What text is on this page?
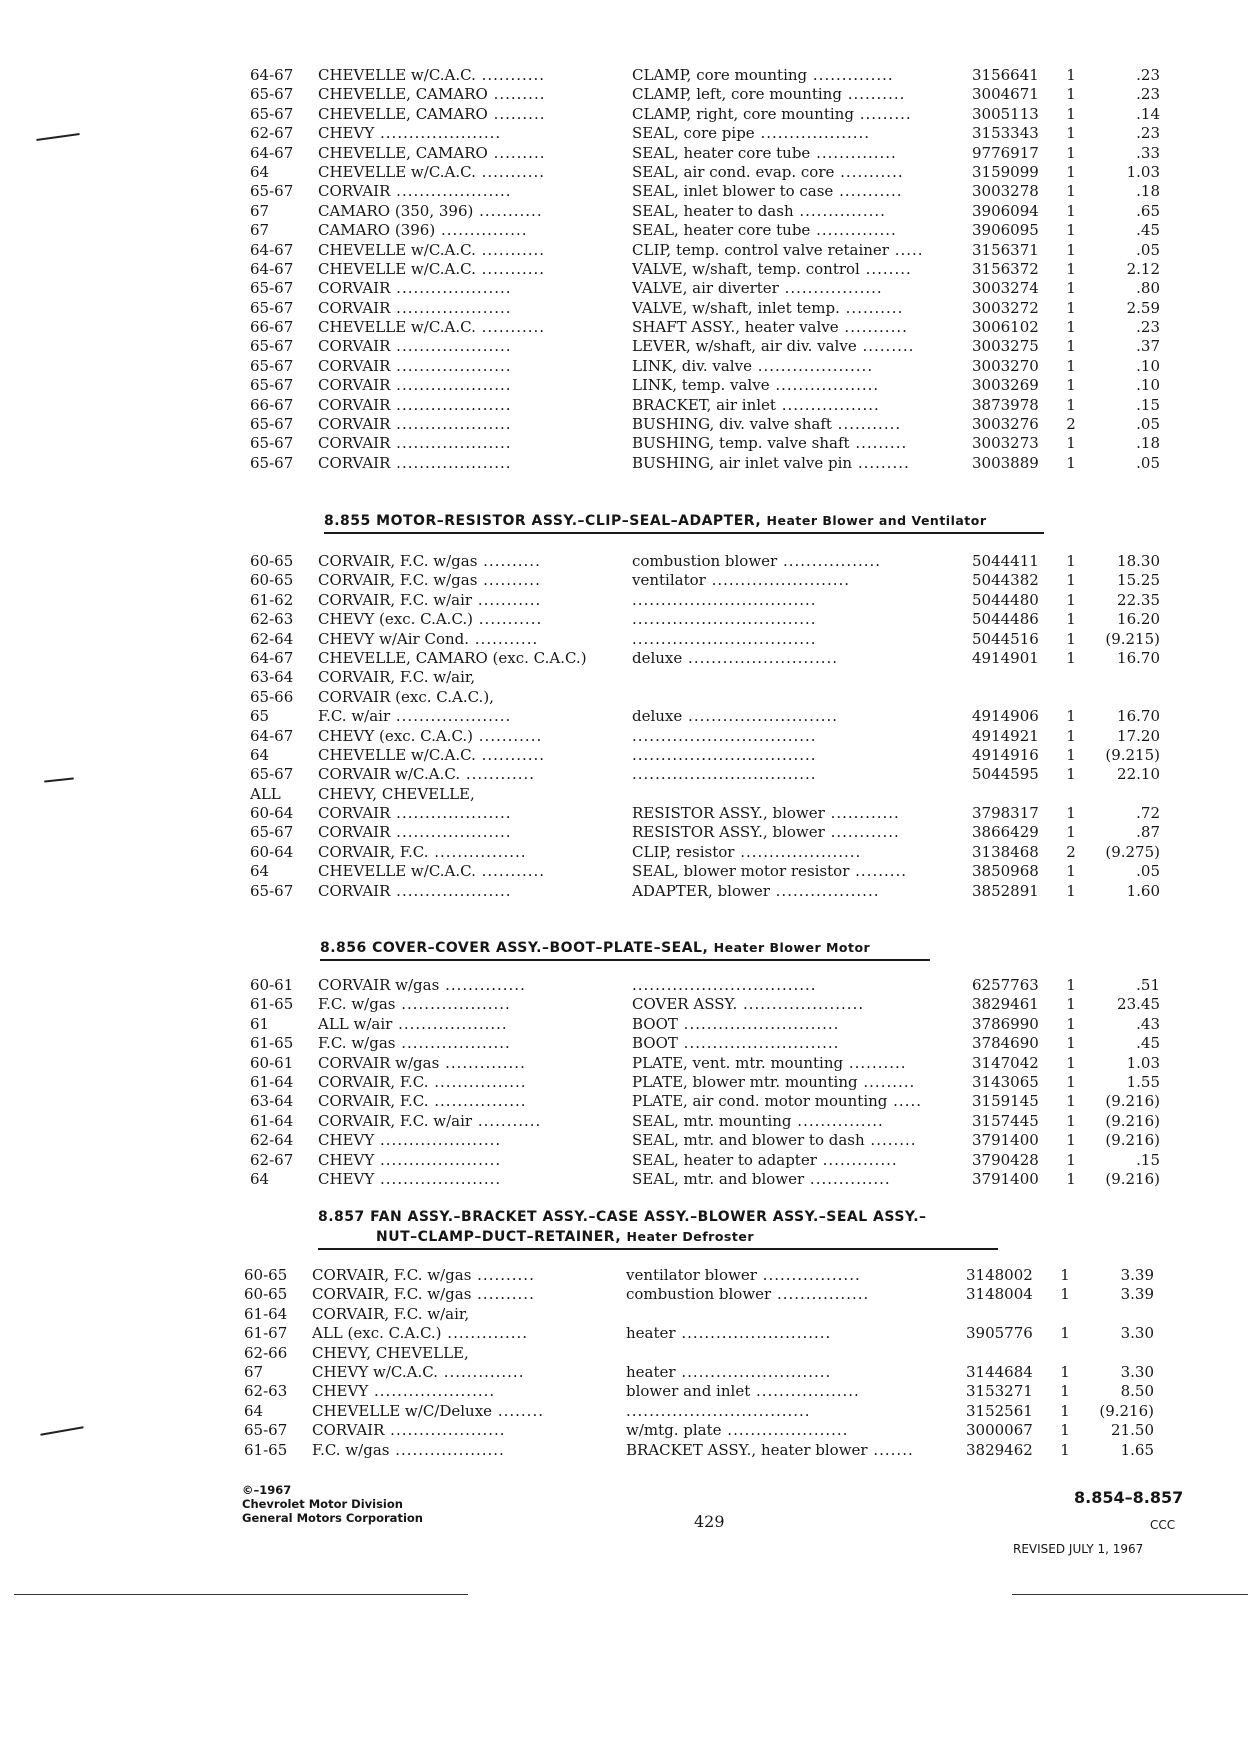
64-67	CHEVELLE w/C.A.C. ...........	CLAMP, core mounting ..............	3156641	1	.23
65-67	CHEVELLE, CAMARO .........	CLAMP, left, core mounting ..........	3004671	1	.23
65-67	CHEVELLE, CAMARO .........	CLAMP, right, core mounting .........	3005113	1	.14
62-67	CHEVY .....................	SEAL, core pipe ...................	3153343	1	.23
64-67	CHEVELLE, CAMARO .........	SEAL, heater core tube ..............	9776917	1	.33
64	CHEVELLE w/C.A.C. ...........	SEAL, air cond. evap. core ...........	3159099	1	1.03
65-67	CORVAIR ....................	SEAL, inlet blower to case ...........	3003278	1	.18
67	CAMARO (350, 396) ...........	SEAL, heater to dash ...............	3906094	1	.65
67	CAMARO (396) ...............	SEAL, heater core tube ..............	3906095	1	.45
64-67	CHEVELLE w/C.A.C. ...........	CLIP, temp. control valve retainer .....	3156371	1	.05
64-67	CHEVELLE w/C.A.C. ...........	VALVE, w/shaft, temp. control ........	3156372	1	2.12
65-67	CORVAIR ....................	VALVE, air diverter .................	3003274	1	.80
65-67	CORVAIR ....................	VALVE, w/shaft, inlet temp. ..........	3003272	1	2.59
66-67	CHEVELLE w/C.A.C. ...........	SHAFT ASSY., heater valve ...........	3006102	1	.23
65-67	CORVAIR ....................	LEVER, w/shaft, air div. valve .........	3003275	1	.37
65-67	CORVAIR ....................	LINK, div. valve ....................	3003270	1	.10
65-67	CORVAIR ....................	LINK, temp. valve ..................	3003269	1	.10
66-67	CORVAIR ....................	BRACKET, air inlet .................	3873978	1	.15
65-67	CORVAIR ....................	BUSHING, div. valve shaft ...........	3003276	2	.05
65-67	CORVAIR ....................	BUSHING, temp. valve shaft .........	3003273	1	.18
65-67	CORVAIR ....................	BUSHING, air inlet valve pin .........	3003889	1	.05
8.855 MOTOR–RESISTOR ASSY.–CLIP–SEAL–ADAPTER, Heater Blower and Ventilator
60-65	CORVAIR, F.C. w/gas ..........	combustion blower .................	5044411	1	18.30
60-65	CORVAIR, F.C. w/gas ..........	ventilator ........................	5044382	1	15.25
61-62	CORVAIR, F.C. w/air ...........	................................	5044480	1	22.35
62-63	CHEVY (exc. C.A.C.) ...........	................................	5044486	1	16.20
62-64	CHEVY w/Air Cond. ...........	................................	5044516	1	(9.215)
64-67	CHEVELLE, CAMARO (exc. C.A.C.)	deluxe ..........................	4914901	1	16.70
63-64	CORVAIR, F.C. w/air,
65-66	CORVAIR (exc. C.A.C.),
65	F.C. w/air ....................	deluxe ..........................	4914906	1	16.70
64-67	CHEVY (exc. C.A.C.) ...........	................................	4914921	1	17.20
64	CHEVELLE w/C.A.C. ...........	................................	4914916	1	(9.215)
65-67	CORVAIR w/C.A.C. ............	................................	5044595	1	22.10
ALL	CHEVY, CHEVELLE,
60-64	CORVAIR ....................	RESISTOR ASSY., blower ............	3798317	1	.72
65-67	CORVAIR ....................	RESISTOR ASSY., blower ............	3866429	1	.87
60-64	CORVAIR, F.C. ................	CLIP, resistor .....................	3138468	2	(9.275)
64	CHEVELLE w/C.A.C. ...........	SEAL, blower motor resistor .........	3850968	1	.05
65-67	CORVAIR ....................	ADAPTER, blower ..................	3852891	1	1.60
8.856 COVER–COVER ASSY.–BOOT–PLATE–SEAL, Heater Blower Motor
60-61	CORVAIR w/gas ..............	................................	6257763	1	.51
61-65	F.C. w/gas ...................	COVER ASSY. .....................	3829461	1	23.45
61	ALL w/air ...................	BOOT ...........................	3786990	1	.43
61-65	F.C. w/gas ...................	BOOT ...........................	3784690	1	.45
60-61	CORVAIR w/gas ..............	PLATE, vent. mtr. mounting ..........	3147042	1	1.03
61-64	CORVAIR, F.C. ................	PLATE, blower mtr. mounting .........	3143065	1	1.55
63-64	CORVAIR, F.C. ................	PLATE, air cond. motor mounting .....	3159145	1	(9.216)
61-64	CORVAIR, F.C. w/air ...........	SEAL, mtr. mounting ...............	3157445	1	(9.216)
62-64	CHEVY .....................	SEAL, mtr. and blower to dash ........	3791400	1	(9.216)
62-67	CHEVY .....................	SEAL, heater to adapter .............	3790428	1	.15
64	CHEVY .....................	SEAL, mtr. and blower ..............	3791400	1	(9.216)
8.857 FAN ASSY.–BRACKET ASSY.–CASE ASSY.–BLOWER ASSY.–SEAL ASSY.–
NUT–CLAMP–DUCT–RETAINER, Heater Defroster
60-65	CORVAIR, F.C. w/gas ..........	ventilator blower .................	3148002	1	3.39
60-65	CORVAIR, F.C. w/gas ..........	combustion blower ................	3148004	1	3.39
61-64	CORVAIR, F.C. w/air,
61-67	ALL (exc. C.A.C.) ..............	heater ..........................	3905776	1	3.30
62-66	CHEVY, CHEVELLE,
67	CHEVY w/C.A.C. ..............	heater ..........................	3144684	1	3.30
62-63	CHEVY .....................	blower and inlet ..................	3153271	1	8.50
64	CHEVELLE w/C/Deluxe ........	................................	3152561	1	(9.216)
65-67	CORVAIR ....................	w/mtg. plate .....................	3000067	1	21.50
61-65	F.C. w/gas ...................	BRACKET ASSY., heater blower .......	3829462	1	1.65
©–1967
Chevrolet Motor Division
General Motors Corporation	429
8.854–8.857
CCC
REVISED JULY 1, 1967
